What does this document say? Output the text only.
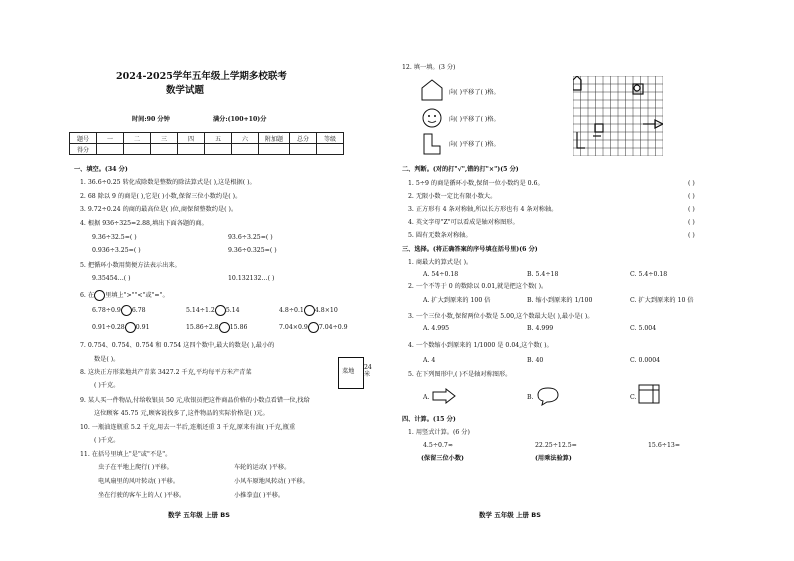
2024-2025学年五年级上学期多校联考
数学试题
时间:90 分钟	满分:(100+10)分
题号	一	二	三	四	五	六	附加题	总分	等级
得分									
一、填空。(34 分)
1. 36.6÷0.25 转化成除数是整数的除法算式是( ),这是根据( )。
2. 68 除以 9 的商是( ),它是( )小数,保留三位小数约是( )。
3. 9.72÷0.24 的商的最高位是( )位,商保留整数约是( )。
4. 根据 936÷325=2.88,填出下面各题的商。
9.36÷32.5=( )	93.6÷3.25=( )
0.936÷3.25=( )	9.36÷0.325=( )
5. 把循环小数用简便方法表示出来。
9.35454…( )	10.132132…( )
6. 在 里填上">""<"或"="。
6.78÷0.9 6.78	5.14÷1.2 5.14	4.8÷0.1 4.8×10
0.91÷0.28 0.91	15.86÷2.8 15.86	7.04×0.9 7.04÷0.9
7. 0.754、0.7̇54̇、0.75̇4̇ 和 0.754 这四个数中,最大的数是( ),最小的
数是( )。
8. 这块正方形菜地共产青菜 3427.2 千克,平均每平方米产青菜
( )千克。
菜地
24米
9. 某人买一件物品,付给收银员 50 元,收银员把这件商品价格的小数点看错一位,找给
这位顾客 45.75 元,顾客说找多了,这件物品的实际价格是( )元。
10. 一瓶油连瓶重 5.2 千克,用去一半后,连瓶还重 3 千克,原来有油( )千克,瓶重
( )千克。
11. 在括号里填上"是"或"不是"。
虫子在平地上爬行( )平移。	车轮的运动( )平移。
电风扇里的风叶转动( )平移。	小风车原地风转动( )平移。
坐在行驶的客车上的人( )平移。	小推拳直( )平移。
数学 五年级 上册 BS
12. 填一填。(3 分)
向( )平移了( )格。
向( )平移了( )格。
向( )平移了( )格。
二、判断。(对的打"√",错的打"×")(5 分)
1. 5÷9 的商是循环小数,保留一位小数约是 0.6。	( )
2. 无限小数一定比有限小数大。	( )
3. 正方形有 4 条对称轴,所以长方形也有 4 条对称轴。	( )
4. 英文字母"Z"可以看成是轴对称图形。	( )
5. 圆有无数条对称轴。	( )
三、选择。(将正确答案的序号填在括号里)(6 分)
1. 商最大的算式是( )。
A. 54÷0.18	B. 5.4÷18	C. 5.4÷0.18
2. 一个不等于 0 的数除以 0.01,就是把这个数( )。
A. 扩大到原来的 100 倍	B. 缩小到原来的 1/100	C. 扩大到原来的 10 倍
3. 一个三位小数,保留两位小数是 5.00,这个数最大是( ),最小是( )。
A. 4.995	B. 4.999	C. 5.004
4. 一个数缩小到原来的 1/1000 是 0.04,这个数( )。
A. 4	B. 40	C. 0.0004
5. 在下列图形中,( )不是轴对称图形。
A.	B.	C.
四、计算。(15 分)
1. 用竖式计算。(6 分)
4.5÷0.7≈	22.25÷12.5=	15.6÷13=
(保留三位小数)	(用乘法验算)
数学 五年级 上册 BS
